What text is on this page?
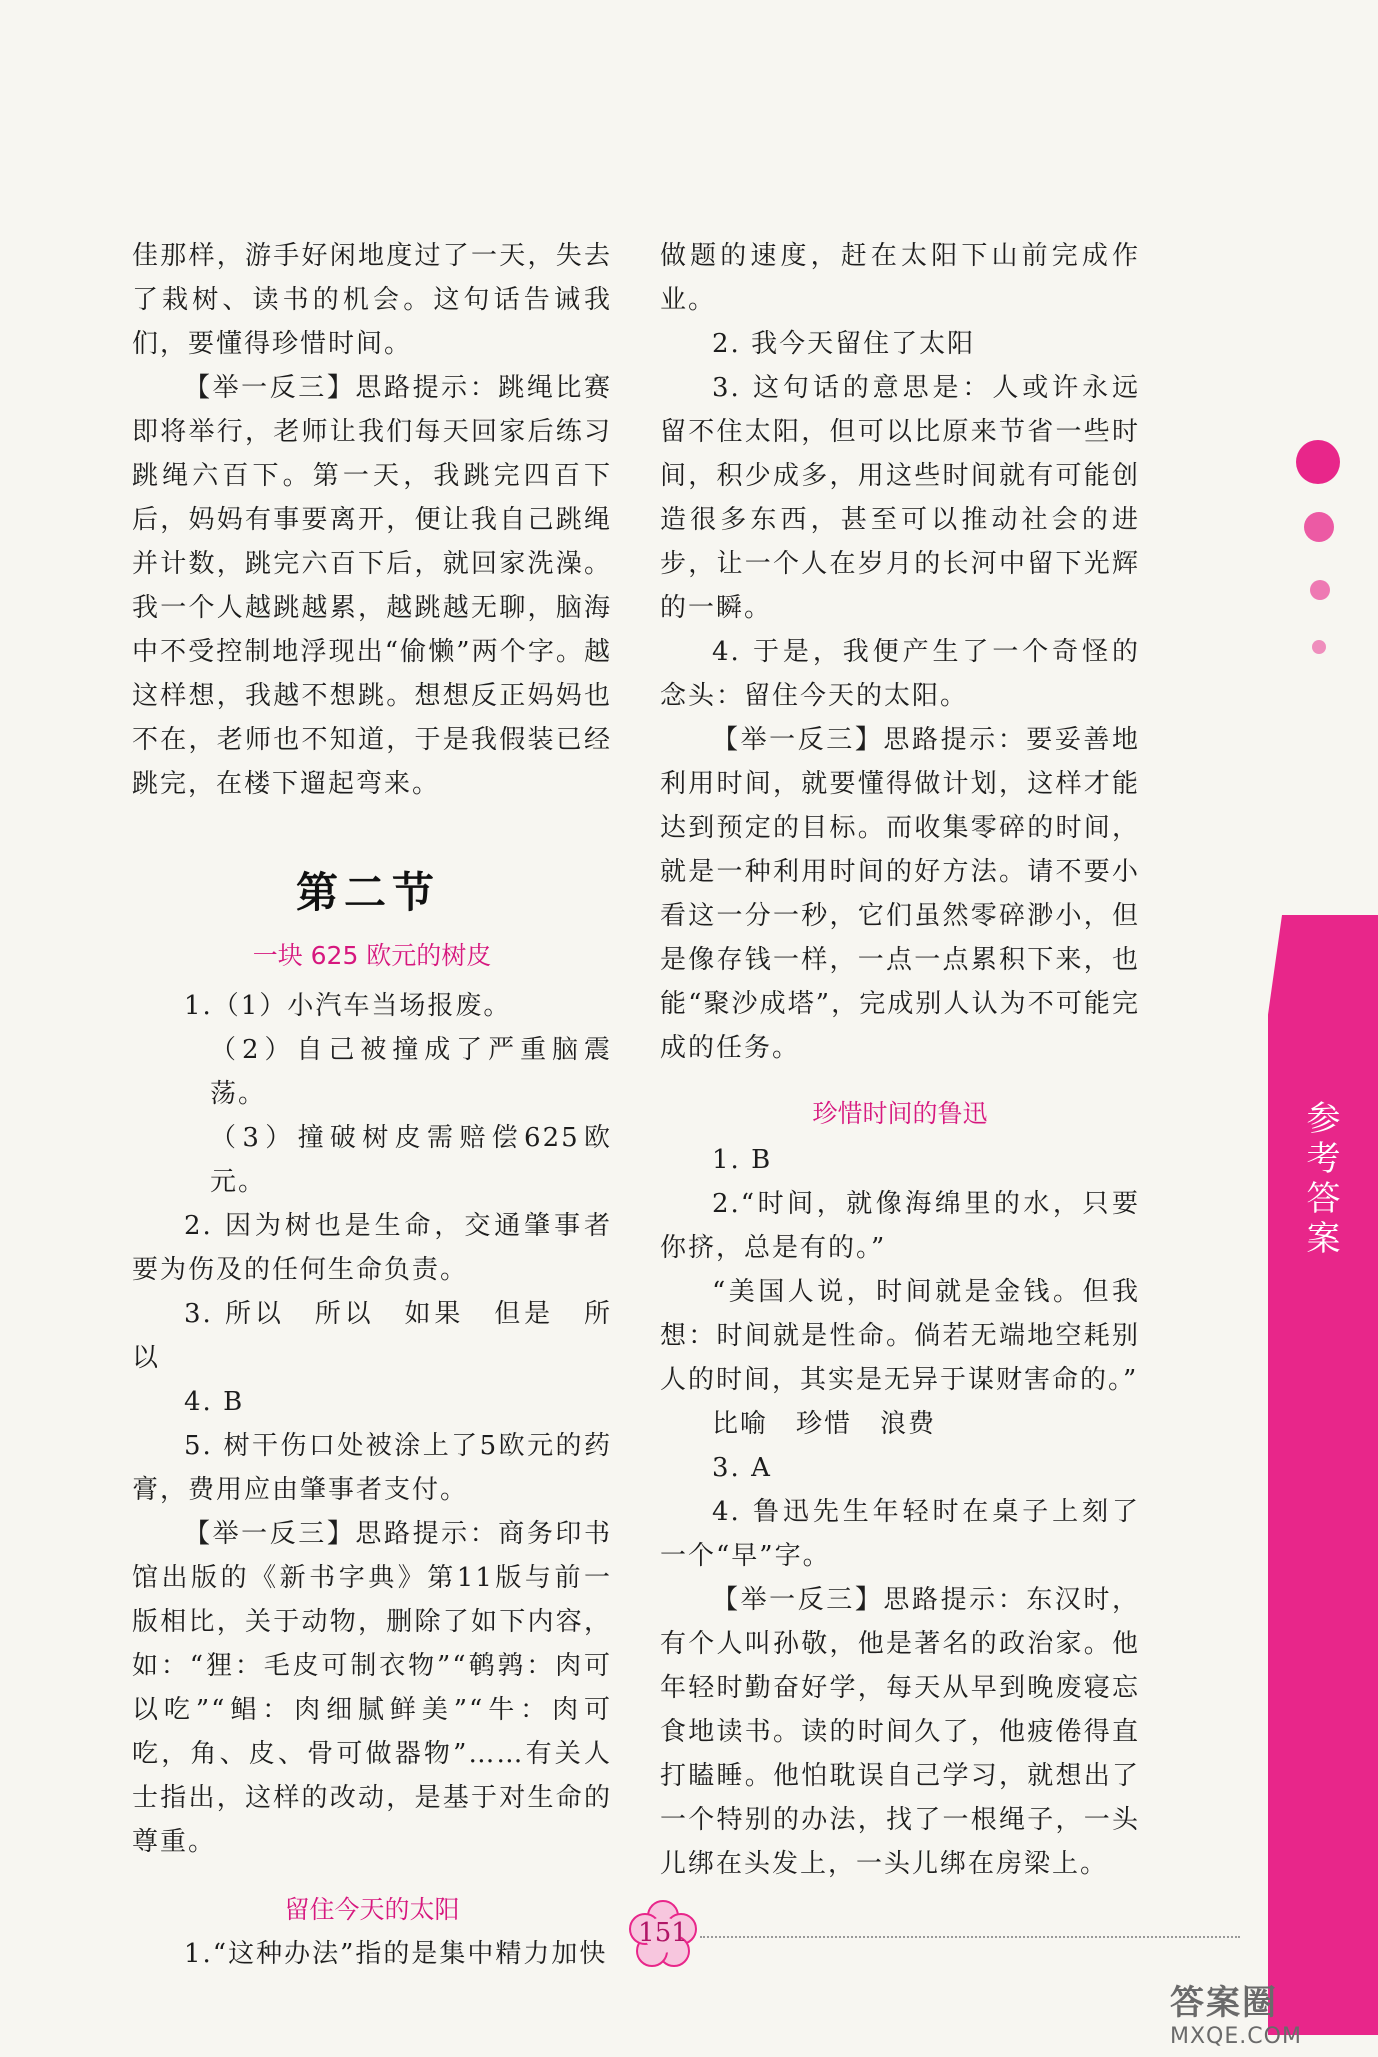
佳那样，游手好闲地度过了一天，失去了栽树、读书的机会。这句话告诫我们，要懂得珍惜时间。

【举一反三】思路提示：跳绳比赛即将举行，老师让我们每天回家后练习跳绳六百下。第一天，我跳完四百下后，妈妈有事要离开，便让我自己跳绳并计数，跳完六百下后，就回家洗澡。我一个人越跳越累，越跳越无聊，脑海中不受控制地浮现出“偷懒”两个字。越这样想，我越不想跳。想想反正妈妈也不在，老师也不知道，于是我假装已经跳完，在楼下遛起弯来。

第二节

一块 625 欧元的树皮

1.（1）小汽车当场报废。

（2）自己被撞成了严重脑震荡。

（3）撞破树皮需赔偿625欧元。

2. 因为树也是生命，交通肇事者要为伤及的任何生命负责。

3. 所以　所以　如果　但是　所以

4. B

5. 树干伤口处被涂上了5欧元的药膏，费用应由肇事者支付。

【举一反三】思路提示：商务印书馆出版的《新书字典》第11版与前一版相比，关于动物，删除了如下内容，如：“狸：毛皮可制衣物”“鹌鹑：肉可以吃”“鲳：肉细腻鲜美”“牛：肉可吃，角、皮、骨可做器物”……有关人士指出，这样的改动，是基于对生命的尊重。

留住今天的太阳

1.“这种办法”指的是集中精力加快

做题的速度，赶在太阳下山前完成作业。

2. 我今天留住了太阳

3. 这句话的意思是：人或许永远留不住太阳，但可以比原来节省一些时间，积少成多，用这些时间就有可能创造很多东西，甚至可以推动社会的进步，让一个人在岁月的长河中留下光辉的一瞬。

4. 于是，我便产生了一个奇怪的念头：留住今天的太阳。

【举一反三】思路提示：要妥善地利用时间，就要懂得做计划，这样才能达到预定的目标。而收集零碎的时间，就是一种利用时间的好方法。请不要小看这一分一秒，它们虽然零碎渺小，但是像存钱一样，一点一点累积下来，也能“聚沙成塔”，完成别人认为不可能完成的任务。

珍惜时间的鲁迅

1. B

2.“时间，就像海绵里的水，只要你挤，总是有的。”

“美国人说，时间就是金钱。但我想：时间就是性命。倘若无端地空耗别人的时间，其实是无异于谋财害命的。”

比喻　珍惜　浪费

3. A

4. 鲁迅先生年轻时在桌子上刻了一个“早”字。

【举一反三】思路提示：东汉时，有个人叫孙敬，他是著名的政治家。他年轻时勤奋好学，每天从早到晚废寝忘食地读书。读的时间久了，他疲倦得直打瞌睡。他怕耽误自己学习，就想出了一个特别的办法，找了一根绳子，一头儿绑在头发上，一头儿绑在房梁上。

参考答案
151
答案圈
MXQE.COM
